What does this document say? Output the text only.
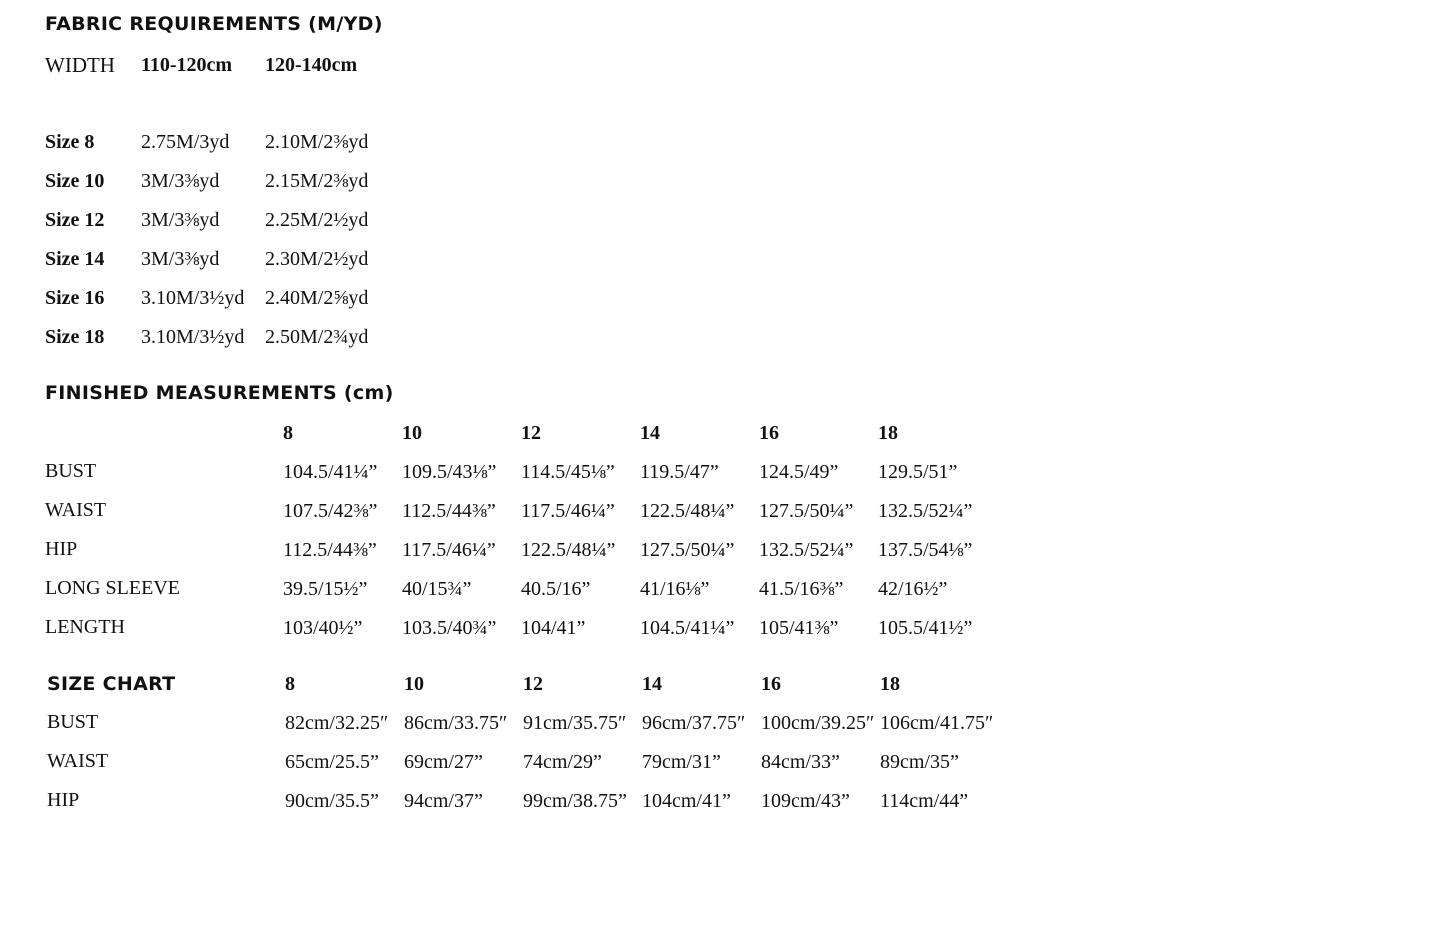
FABRIC REQUIREMENTS (M/YD)
WIDTH 110-120cm 120-140cm
Size 8 2.75M/3yd 2.10M/2⅜yd
Size 10 3M/3⅜yd 2.15M/2⅜yd
Size 12 3M/3⅜yd 2.25M/2½yd
Size 14 3M/3⅜yd 2.30M/2½yd
Size 16 3.10M/3½yd 2.40M/2⅝yd
Size 18 3.10M/3½yd 2.50M/2¾yd
FINISHED MEASUREMENTS (cm)
8	10	12	14	16	18
BUST	104.5/41¼” 109.5/43⅛” 114.5/45⅛” 119.5/47” 124.5/49” 129.5/51”
WAIST	107.5/42⅜” 112.5/44⅜” 117.5/46¼” 122.5/48¼” 127.5/50¼” 132.5/52¼”
HIP	112.5/44⅜” 117.5/46¼” 122.5/48¼” 127.5/50¼” 132.5/52¼” 137.5/54⅛”
LONG SLEEVE	39.5/15½” 40/15¾” 40.5/16” 41/16⅛” 41.5/16⅜” 42/16½”
LENGTH	103/40½” 103.5/40¾” 104/41”	104.5/41¼” 105/41⅜” 105.5/41½”
SIZE CHART	8	10	12	14	16	18
BUST	82cm/32.25″ 86cm/33.75″ 91cm/35.75″ 96cm/37.75″ 100cm/39.25″ 106cm/41.75″
WAIST	65cm/25.5” 69cm/27” 74cm/29” 79cm/31” 84cm/33” 89cm/35”
HIP	90cm/35.5” 94cm/37” 99cm/38.75” 104cm/41” 109cm/43” 114cm/44”
